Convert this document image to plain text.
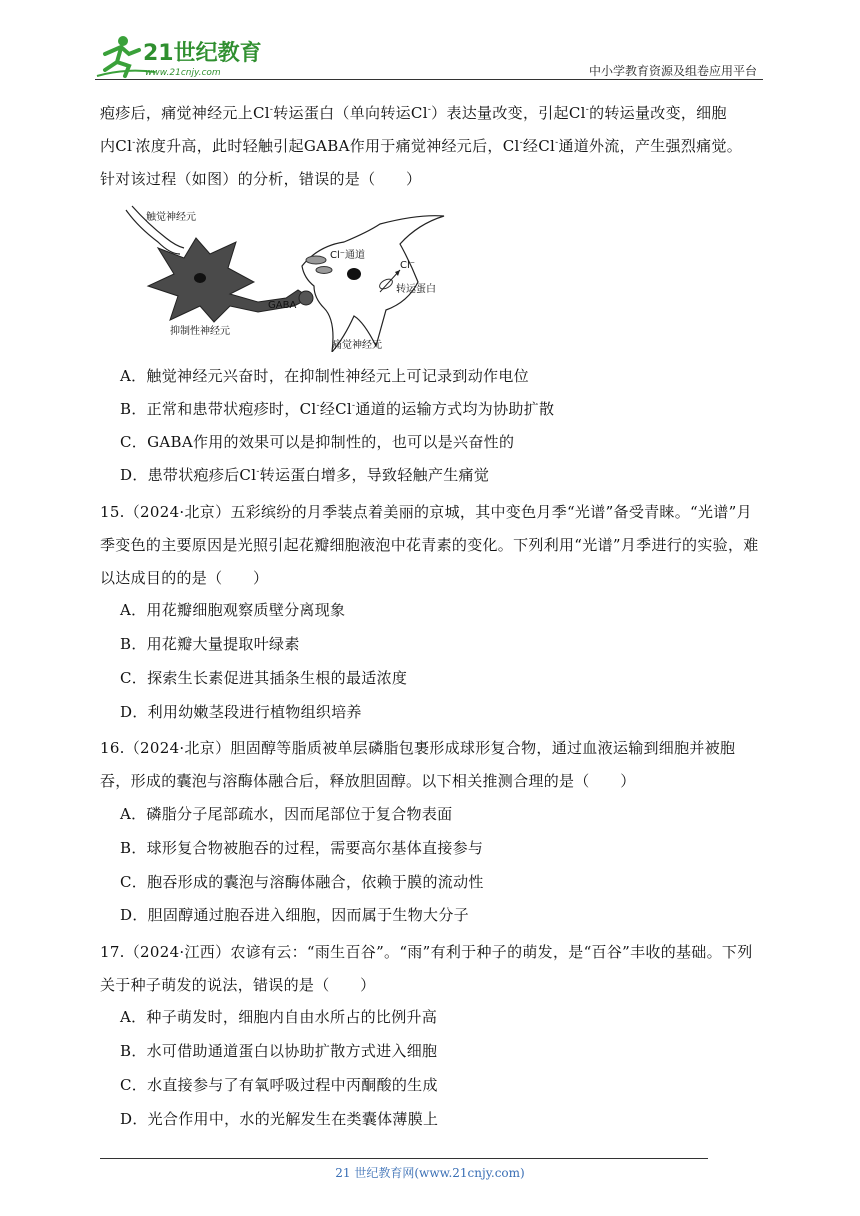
21世纪教育
www.21cnjy.com	中小学教育资源及组卷应用平台
疱疹后，痛觉神经元上Cl-转运蛋白（单向转运Cl-）表达量改变，引起Cl-的转运量改变，细胞
内Cl-浓度升高，此时轻触引起GABA作用于痛觉神经元后，Cl-经Cl-通道外流，产生强烈痛觉。
针对该过程（如图）的分析，错误的是（　　）
触觉神经元
抑制性神经元
GABA
Cl⁻通道
Cl⁻
转运蛋白
痛觉神经元
A．触觉神经元兴奋时，在抑制性神经元上可记录到动作电位
B．正常和患带状疱疹时，Cl-经Cl-通道的运输方式均为协助扩散
C．GABA作用的效果可以是抑制性的，也可以是兴奋性的
D．患带状疱疹后Cl-转运蛋白增多，导致轻触产生痛觉
15.（2024·北京）五彩缤纷的月季装点着美丽的京城，其中变色月季“光谱”备受青睐。“光谱”月季变色的主要原因是光照引起花瓣细胞液泡中花青素的变化。下列利用“光谱”月季进行的实验，难以达成目的的是（　　）
A．用花瓣细胞观察质壁分离现象
B．用花瓣大量提取叶绿素
C．探索生长素促进其插条生根的最适浓度
D．利用幼嫩茎段进行植物组织培养
16.（2024·北京）胆固醇等脂质被单层磷脂包裹形成球形复合物，通过血液运输到细胞并被胞吞，形成的囊泡与溶酶体融合后，释放胆固醇。以下相关推测合理的是（　　）
A．磷脂分子尾部疏水，因而尾部位于复合物表面
B．球形复合物被胞吞的过程，需要高尔基体直接参与
C．胞吞形成的囊泡与溶酶体融合，依赖于膜的流动性
D．胆固醇通过胞吞进入细胞，因而属于生物大分子
17.（2024·江西）农谚有云：“雨生百谷”。“雨”有利于种子的萌发，是“百谷”丰收的基础。下列关于种子萌发的说法，错误的是（　　）
A．种子萌发时，细胞内自由水所占的比例升高
B．水可借助通道蛋白以协助扩散方式进入细胞
C．水直接参与了有氧呼吸过程中丙酮酸的生成
D．光合作用中，水的光解发生在类囊体薄膜上
21 世纪教育网(www.21cnjy.com)
